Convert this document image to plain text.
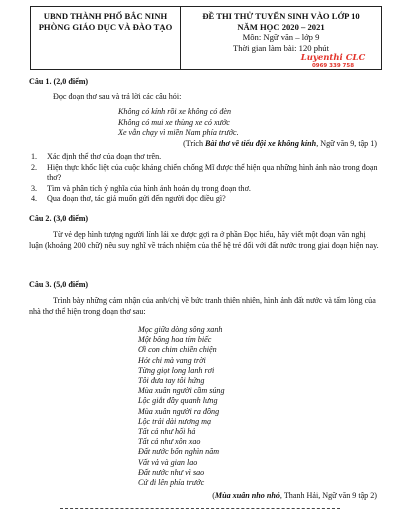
UBND THÀNH PHỐ BẮC NINH
PHÒNG GIÁO DỤC VÀ ĐÀO TẠO
ĐỀ THI THỬ TUYỂN SINH VÀO LỚP 10
NĂM HỌC 2020 – 2021
Môn: Ngữ văn – lớp 9
Thời gian làm bài: 120 phút
Luyenthi CLC
0969 339 758
Câu 1. (2,0 điểm)
Đọc đoạn thơ sau và trả lời các câu hỏi:
Không có kính rồi xe không có đèn
Không có mui xe thùng xe có xước
Xe vẫn chạy vì miền Nam phía trước.
(Trích Bài thơ về tiểu đội xe không kính, Ngữ văn 9, tập 1)
1. Xác định thể thơ của đoạn thơ trên.
2. Hiện thực khốc liệt của cuộc kháng chiến chống Mĩ được thể hiện qua những hình ảnh nào trong đoạn thơ?
3. Tìm và phân tích ý nghĩa của hình ảnh hoán dụ trong đoạn thơ.
4. Qua đoạn thơ, tác giả muốn gửi đến người đọc điều gì?
Câu 2. (3,0 điểm)
Từ vẻ đẹp hình tượng người lính lái xe được gợi ra ở phần Đọc hiểu, hãy viết một đoạn văn nghị luận (khoảng 200 chữ) nêu suy nghĩ về trách nhiệm của thế hệ trẻ đối với đất nước trong giai đoạn hiện nay.
Câu 3. (5,0 điểm)
Trình bày những cảm nhận của anh/chị về bức tranh thiên nhiên, hình ảnh đất nước và tấm lòng của nhà thơ thể hiện trong đoạn thơ sau:
Mọc giữa dòng sông xanh
Một bông hoa tím biếc
Ơi con chim chiền chiện
Hót chi mà vang trời
Từng giọt long lanh rơi
Tôi đưa tay tôi hứng
Mùa xuân người cầm súng
Lộc giắt đầy quanh lưng
Mùa xuân người ra đồng
Lộc trải dài nương mạ
Tất cả như hối hả
Tất cả như xôn xao
Đất nước bốn nghìn năm
Vất vả và gian lao
Đất nước như vì sao
Cứ đi lên phía trước
(Mùa xuân nho nhỏ, Thanh Hải, Ngữ văn 9 tập 2)
